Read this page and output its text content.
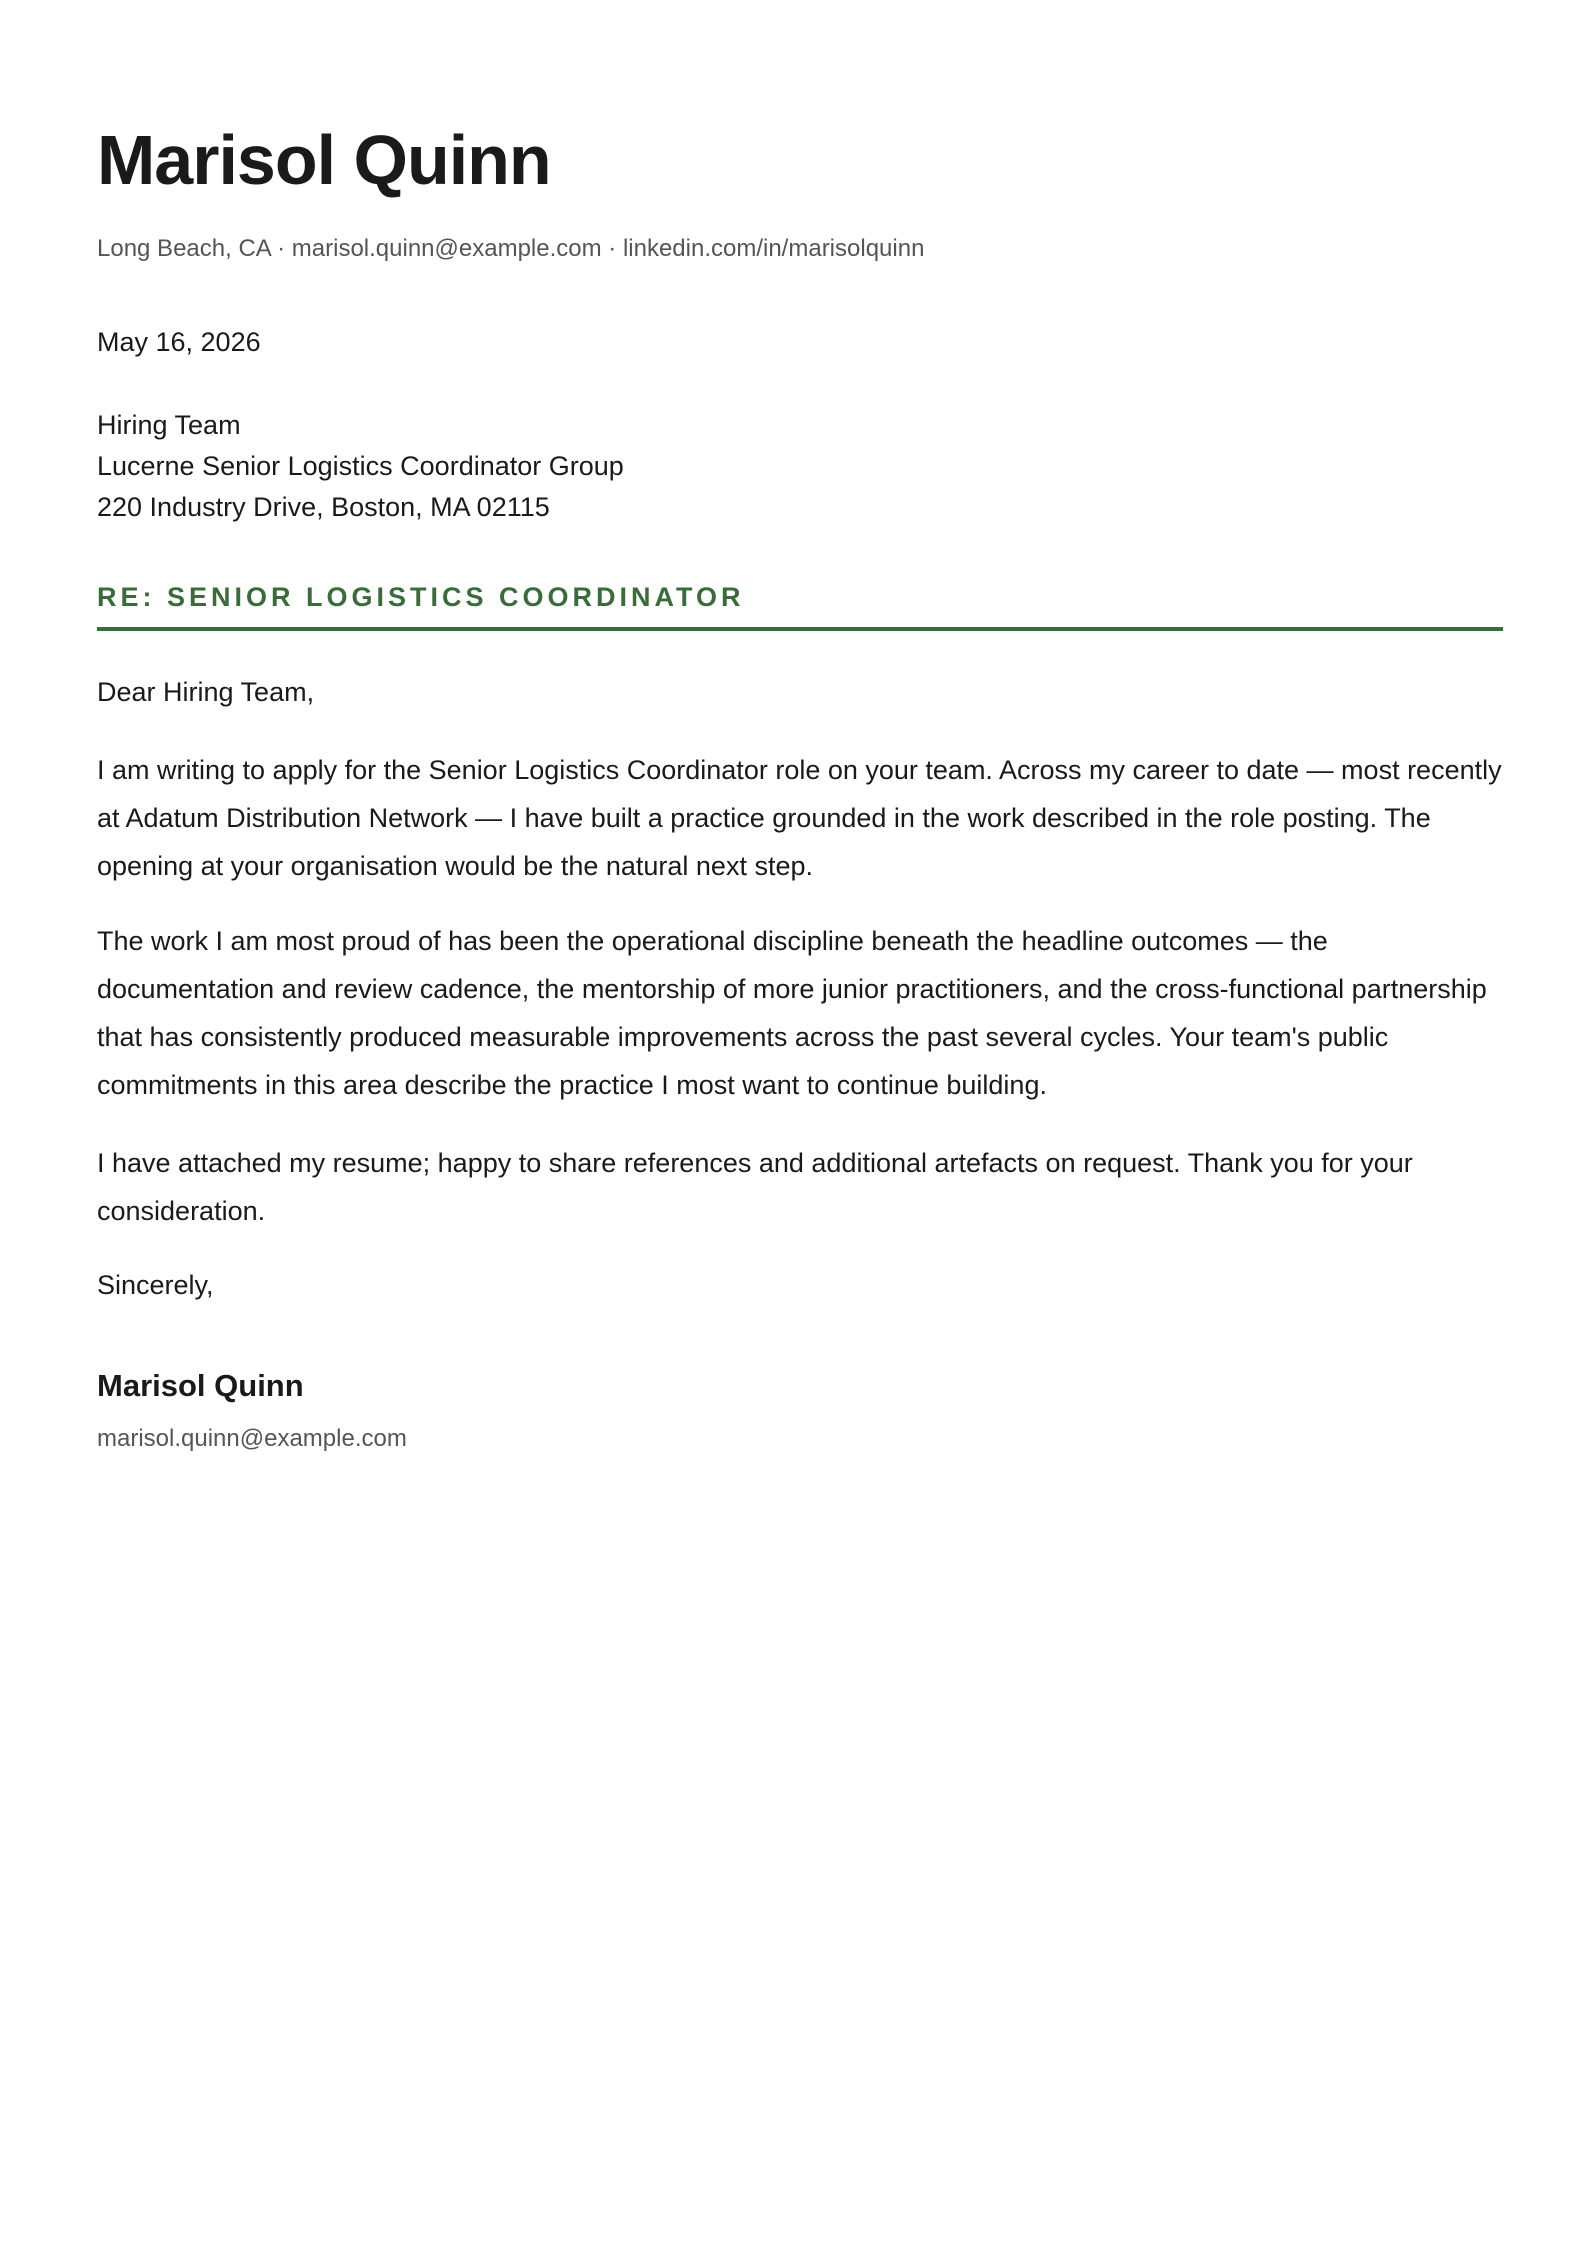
Marisol Quinn
Long Beach, CA · marisol.quinn@example.com · linkedin.com/in/marisolquinn
May 16, 2026
Hiring Team
Lucerne Senior Logistics Coordinator Group
220 Industry Drive, Boston, MA 02115
RE: SENIOR LOGISTICS COORDINATOR
Dear Hiring Team,

I am writing to apply for the Senior Logistics Coordinator role on your team. Across my career to date — most recently at Adatum Distribution Network — I have built a practice grounded in the work described in the role posting. The opening at your organisation would be the natural next step.

The work I am most proud of has been the operational discipline beneath the headline outcomes — the documentation and review cadence, the mentorship of more junior practitioners, and the cross-functional partnership that has consistently produced measurable improvements across the past several cycles. Your team's public commitments in this area describe the practice I most want to continue building.

I have attached my resume; happy to share references and additional artefacts on request. Thank you for your consideration.

Sincerely,
Marisol Quinn
marisol.quinn@example.com
